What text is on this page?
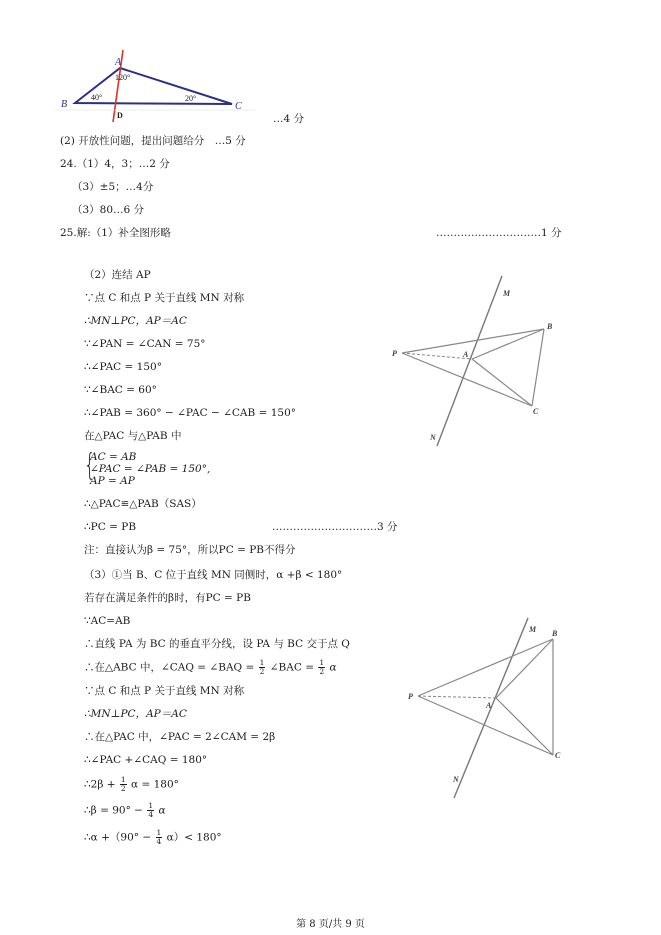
A
B	C
D
120°
40°	20°
…4 分
(2) 开放性问题，提出问题给分　…5 分
24.（1）4，3；…2 分
（3）±5；…4分
（3）80…6 分
25.解:（1）补全图形略	…………………………1 分
（2）连结 AP
∵点 C 和点 P 关于直线 MN 对称
∴MN⊥PC，AP＝AC
∵∠PAN = ∠CAN = 75°
∴∠PAC = 150°
∵∠BAC = 60°
∴∠PAB = 360° − ∠PAC − ∠CAB = 150°
在△PAC 与△PAB 中
{
AC = AB
∠PAC = ∠PAB = 150°,
AP = AP
∴△PAC≌△PAB（SAS）
∴PC = PB	…………………………3 分
注：直接认为β = 75°，所以PC = PB不得分
（3）①当 B、C 位于直线 MN 同侧时，α +β < 180°
若存在满足条件的β时，有PC = PB
∵AC=AB
∴直线 PA 为 BC 的垂直平分线，设 PA 与 BC 交于点 Q
∴在△ABC 中，∠CAQ = ∠BAQ = $\frac{1}{2}$ ∠BAC = $\frac{1}{2}$ α
∵点 C 和点 P 关于直线 MN 对称
∴MN⊥PC，AP＝AC
∴在△PAC 中，∠PAC = 2∠CAM = 2β
∴∠PAC +∠CAQ = 180°
∴2β + $\frac{1}{2}$ α = 180°
∴β = $90^\circ - \frac{1}{4}$ α
∴α $+(90^\circ - \frac{1}{4} \alpha)< 180^\circ$
M
B
P	A
C
N
M B
P
A
C
N
第 8 页/共 9 页
